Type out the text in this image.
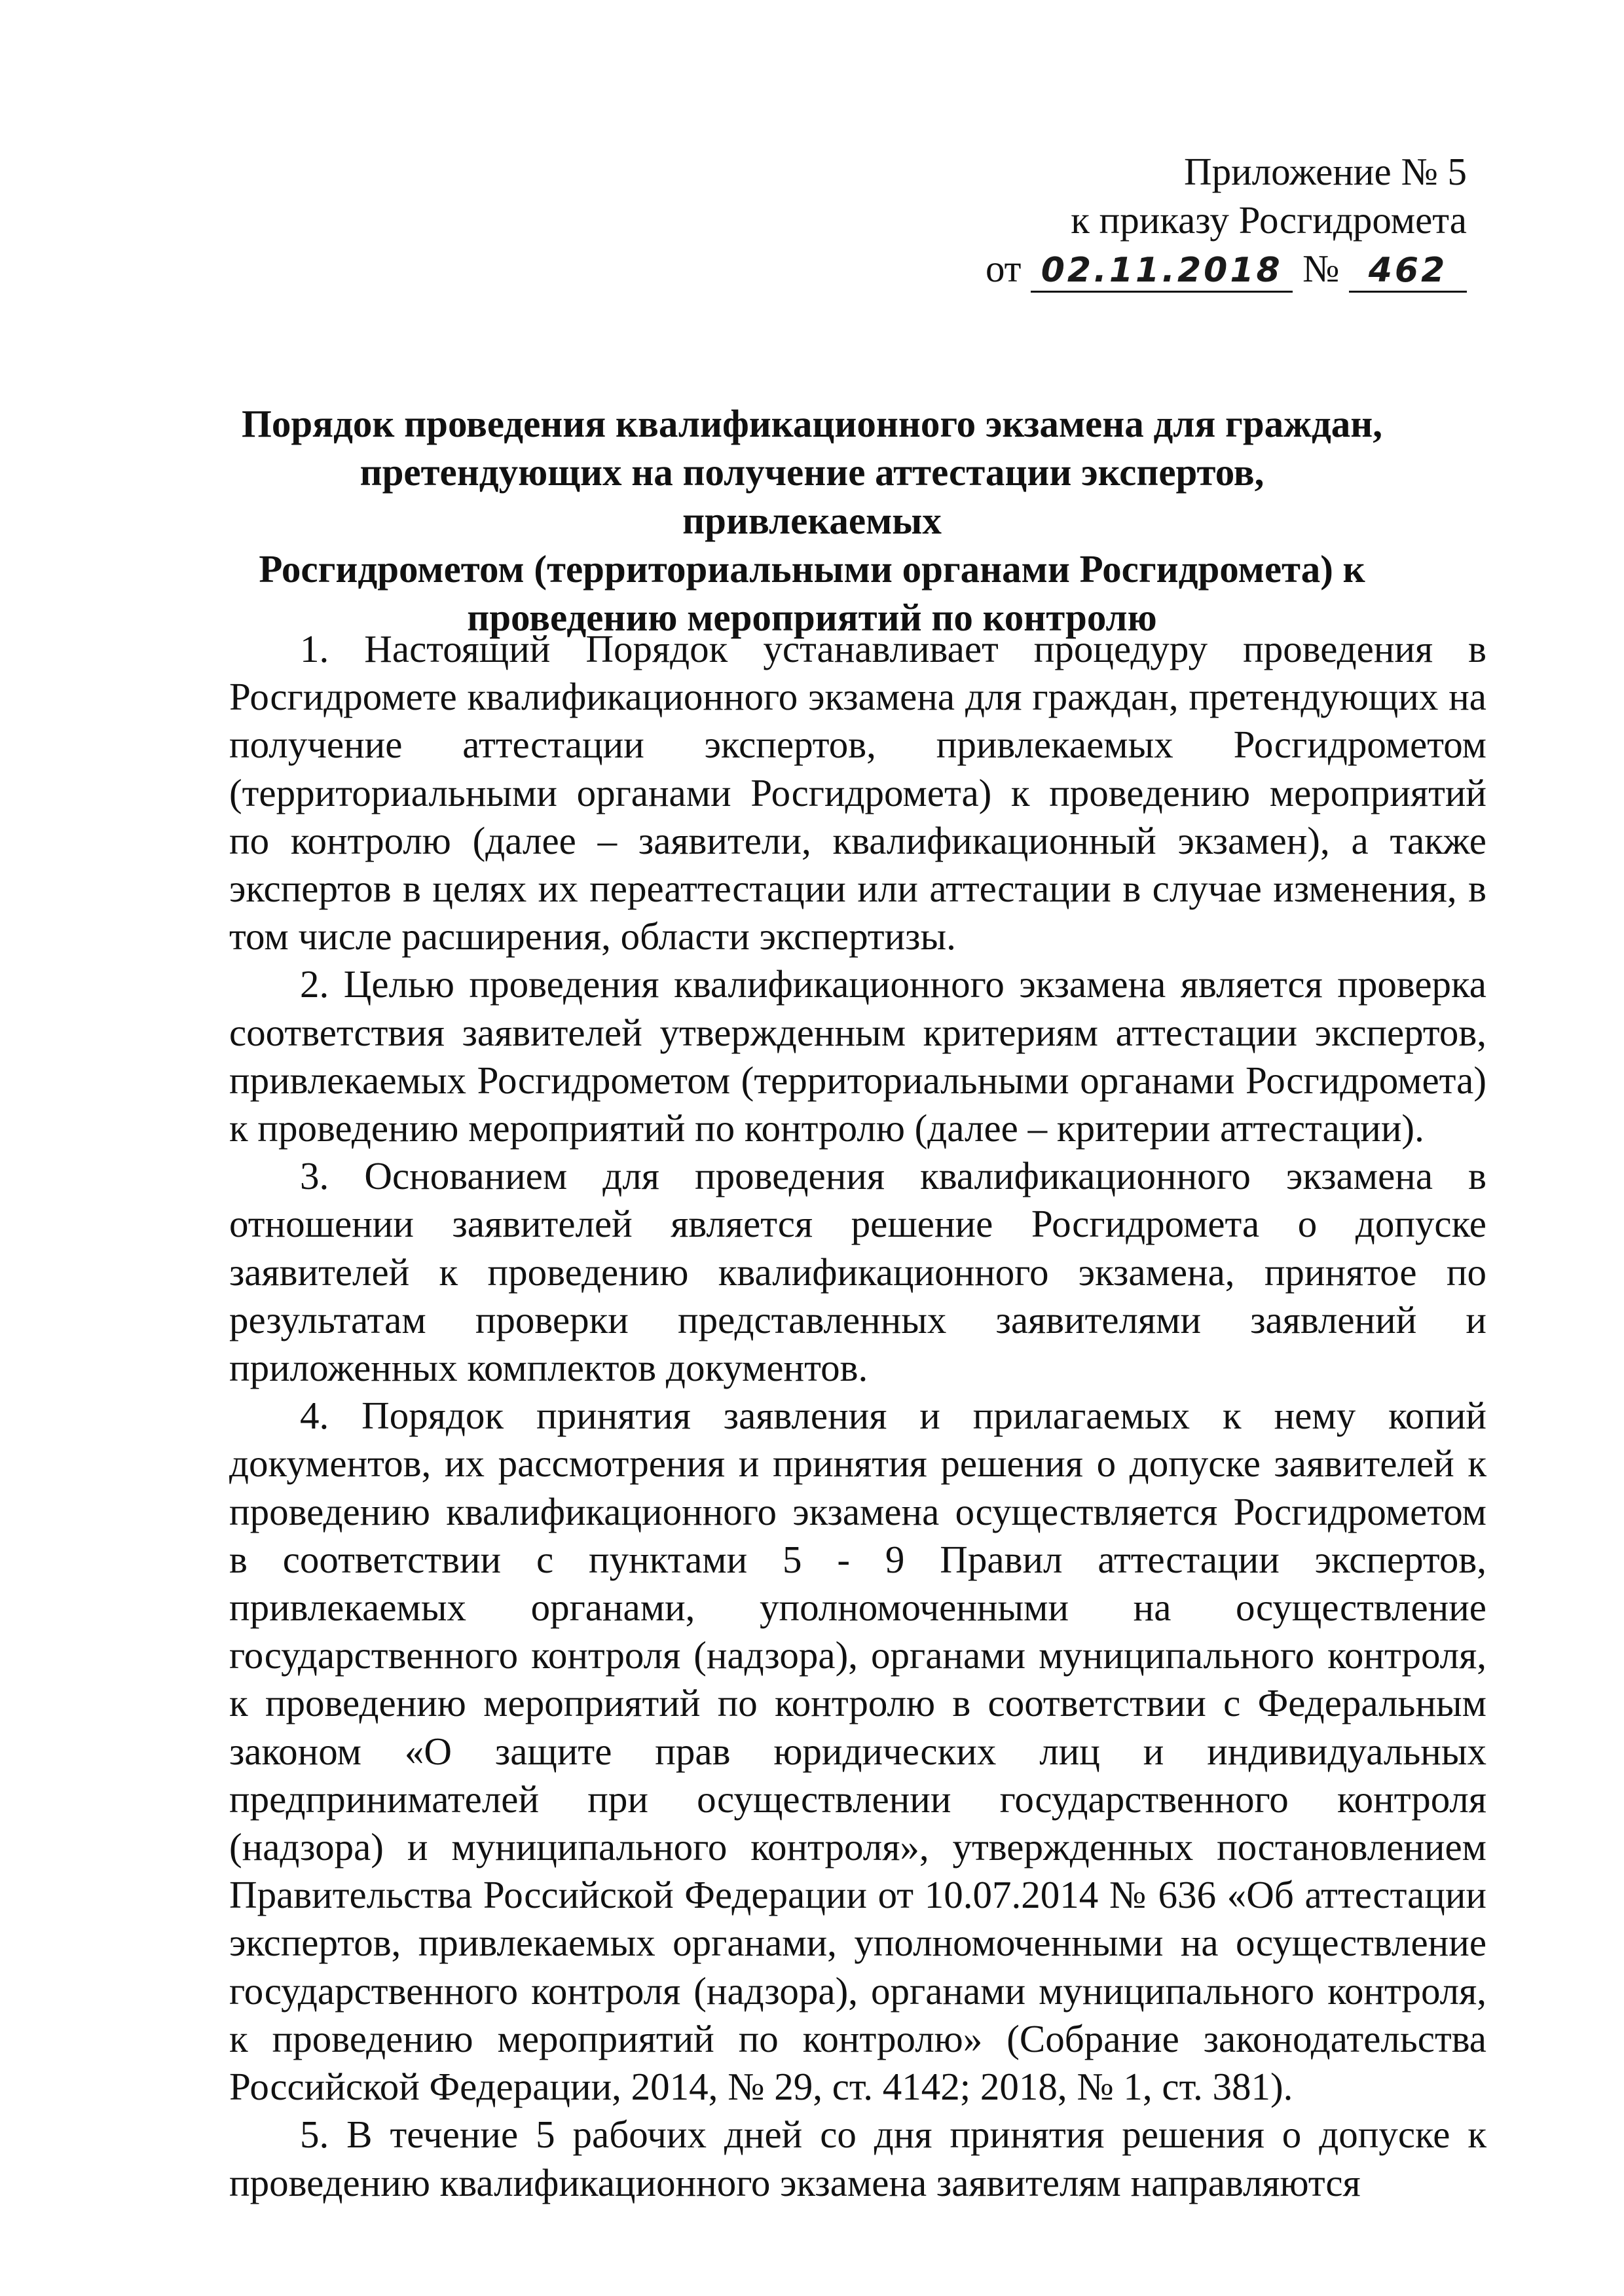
Приложение № 5
к приказу Росгидромета
от 02.11.2018 № 462
Порядок проведения квалификационного экзамена для граждан,
претендующих на получение аттестации экспертов, привлекаемых
Росгидрометом (территориальными органами Росгидромета) к
проведению мероприятий по контролю

1. Настоящий Порядок устанавливает процедуру проведения в Росгидромете квалификационного экзамена для граждан, претендующих на получение аттестации экспертов, привлекаемых Росгидрометом (территориальными органами Росгидромета) к проведению мероприятий по контролю (далее – заявители, квалификационный экзамен), а также экспертов в целях их переаттестации или аттестации в случае изменения, в том числе расширения, области экспертизы.

2. Целью проведения квалификационного экзамена является проверка соответствия заявителей утвержденным критериям аттестации экспертов, привлекаемых Росгидрометом (территориальными органами Росгидромета) к проведению мероприятий по контролю (далее – критерии аттестации).

3. Основанием для проведения квалификационного экзамена в отношении заявителей является решение Росгидромета о допуске заявителей к проведению квалификационного экзамена, принятое по результатам проверки представленных заявителями заявлений и приложенных комплектов документов.

4. Порядок принятия заявления и прилагаемых к нему копий документов, их рассмотрения и принятия решения о допуске заявителей к проведению квалификационного экзамена осуществляется Росгидрометом в соответствии с пунктами 5 - 9 Правил аттестации экспертов, привлекаемых органами, уполномоченными на осуществление государственного контроля (надзора), органами муниципального контроля, к проведению мероприятий по контролю в соответствии с Федеральным законом «О защите прав юридических лиц и индивидуальных предпринимателей при осуществлении государственного контроля (надзора) и муниципального контроля», утвержденных постановлением Правительства Российской Федерации от 10.07.2014 № 636 «Об аттестации экспертов, привлекаемых органами, уполномоченными на осуществление государственного контроля (надзора), органами муниципального контроля, к проведению мероприятий по контролю» (Собрание законодательства Российской Федерации, 2014, № 29, ст. 4142; 2018, № 1, ст. 381).

5. В течение 5 рабочих дней со дня принятия решения о допуске к проведению квалификационного экзамена заявителям направляются
